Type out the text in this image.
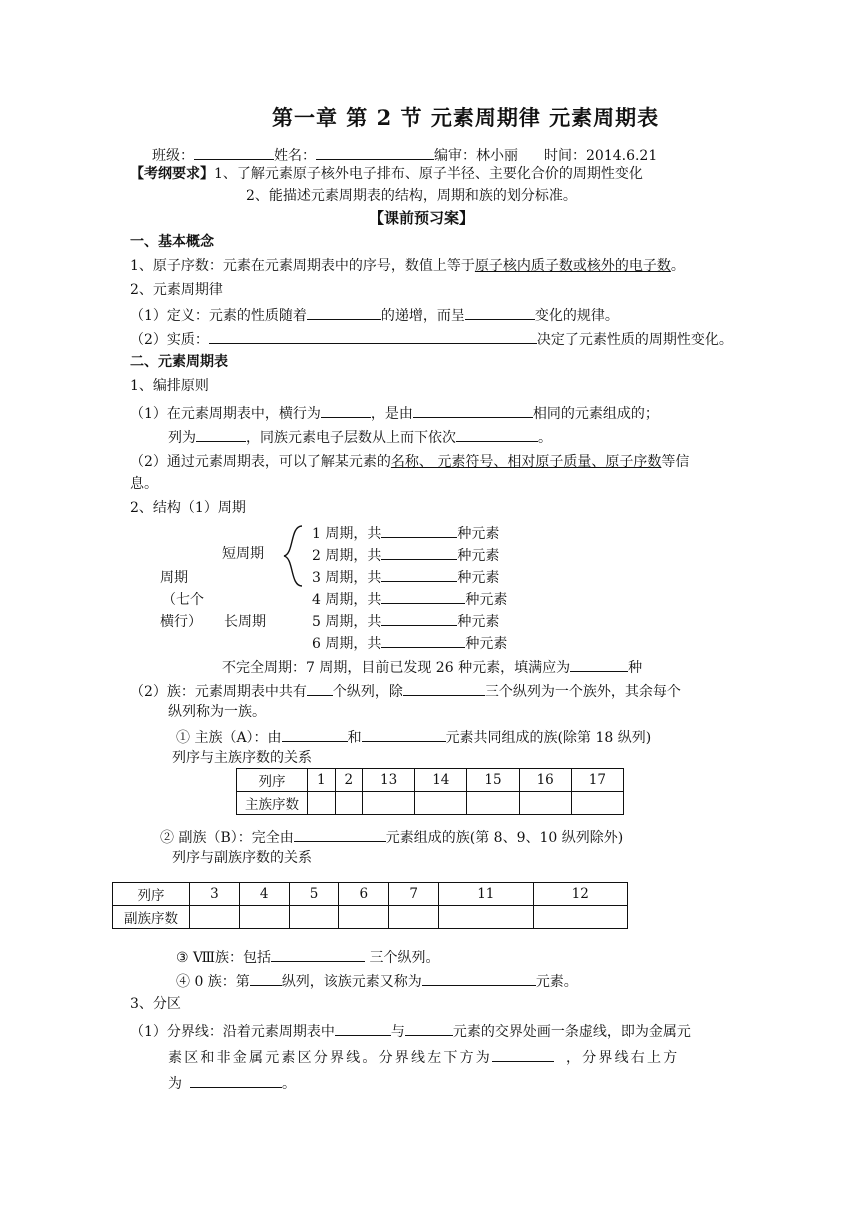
第一章 第 2 节 元素周期律 元素周期表
班级：	姓名：	编审：林小丽 时间：2014.6.21
【考纲要求】1、了解元素原子核外电子排布、原子半径、主要化合价的周期性变化
2、能描述元素周期表的结构，周期和族的划分标准。
【课前预习案】
一、基本概念
1、原子序数：元素在元素周期表中的序号，数值上等于原子核内质子数或核外的电子数。
2、元素周期律
（1）定义：元素的性质随着	的递增，而呈	变化的规律。
（2）实质：	决定了元素性质的周期性变化。
二、元素周期表
1、编排原则
（1）在元素周期表中，横行为	，是由	相同的元素组成的；
列为	，同族元素电子层数从上而下依次	。
（2）通过元素周期表，可以了解某元素的名称、 元素符号、相对原子质量、原子序数等信
息。
2、结构（1）周期
短周期
周期
（七个
横行） 长周期
1 周期，共	种元素
2 周期，共	种元素
3 周期，共	种元素
4 周期，共	种元素
5 周期，共	种元素
6 周期，共	种元素
不完全周期：7 周期，目前已发现 26 种元素，填满应为	种
（2）族：元素周期表中共有 个纵列，除	三个纵列为一个族外，其余每个
纵列称为一族。
① 主族（A）：由	和	元素共同组成的族(除第 18 纵列)
列序与主族序数的关系
列序	1	2	13	14	15	16	17
主族序数							
② 副族（B）：完全由	元素组成的族(第 8、9、10 纵列除外)
列序与副族序数的关系
列序	3	4	5	6	7	11	12
副族序数							
③ Ⅷ族：包括	三个纵列。
④ 0 族：第 纵列，该族元素又称为	元素。
3、分区
（1）分界线：沿着元素周期表中	与	元素的交界处画一条虚线，即为金属元
素区和非金属元素区分界线。分界线左下方为	，分界线右上方
为	。
